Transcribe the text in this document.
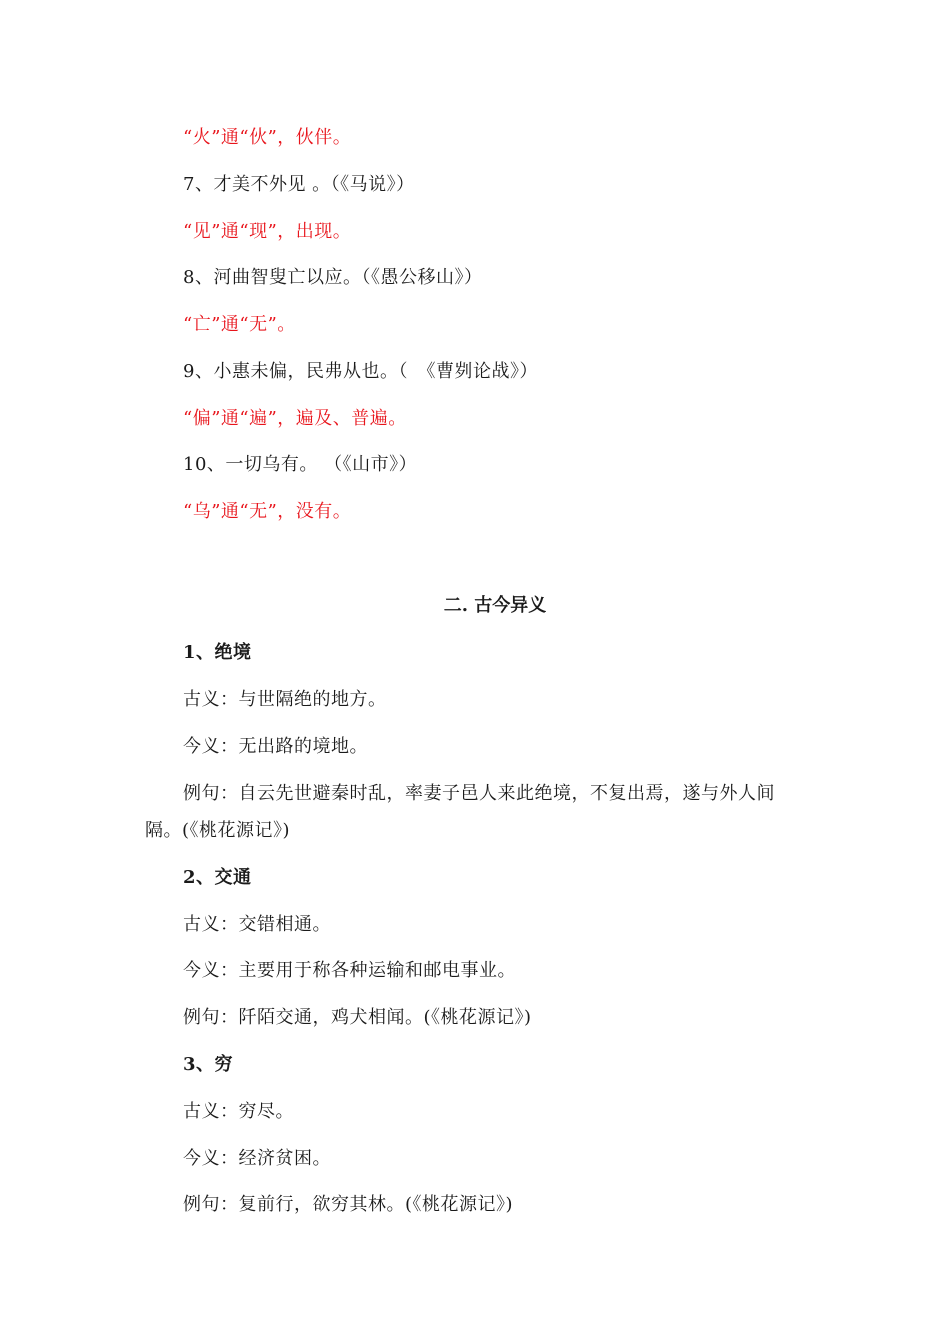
“火”通“伙”，伙伴。
7、才美不外见 。（《马说》）
“见”通“现”，出现。
8、河曲智叟亡以应。（《愚公移山》）
“亡”通“无”。
9、小惠未偏，民弗从也。（　《曹刿论战》）
“偏”通“遍”，遍及、普遍。
10、一切乌有。 （《山市》）
“乌”通“无”，没有。
二. 古今异义
1、绝境
古义：与世隔绝的地方。
今义：无出路的境地。
例句：自云先世避秦时乱，率妻子邑人来此绝境，不复出焉，遂与外人间
隔。(《桃花源记》)
2、交通
古义：交错相通。
今义：主要用于称各种运输和邮电事业。
例句：阡陌交通，鸡犬相闻。(《桃花源记》)
3、穷
古义：穷尽。
今义：经济贫困。
例句：复前行，欲穷其林。(《桃花源记》)
